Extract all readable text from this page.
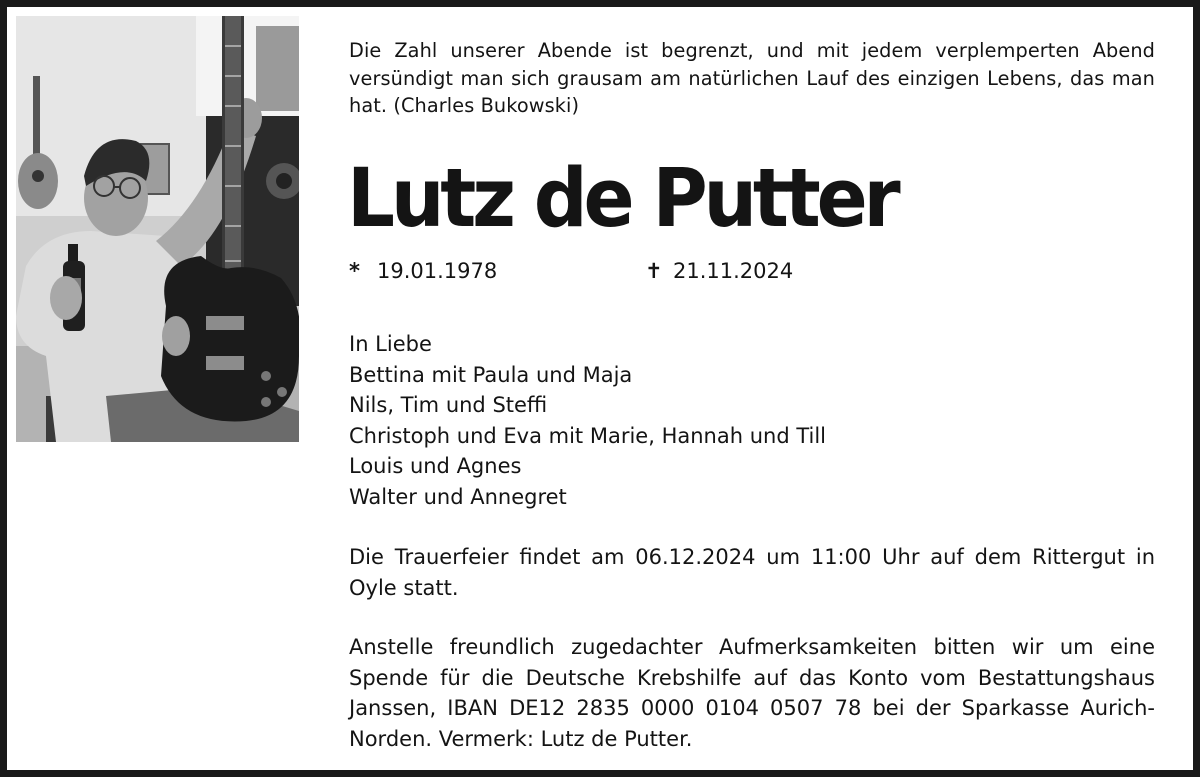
Die Zahl unserer Abende ist begrenzt, und mit jedem verplemperten Abend versündigt man sich grausam am natürlichen Lauf des einzigen Lebens, das man hat. (Charles Bukowski)
Lutz de Putter
* 19.01.1978	✝ 21.11.2024
In Liebe
Bettina mit Paula und Maja
Nils, Tim und Steffi
Christoph und Eva mit Marie, Hannah und Till
Louis und Agnes
Walter und Annegret
Die Trauerfeier findet am 06.12.2024 um 11:00 Uhr auf dem Rittergut in Oyle statt.
Anstelle freundlich zugedachter Aufmerksamkeiten bitten wir um eine Spende für die Deutsche Krebshilfe auf das Konto vom Bestattungshaus Janssen, IBAN DE12 2835 0000 0104 0507 78 bei der Sparkasse Aurich-Norden. Vermerk: Lutz de Putter.
